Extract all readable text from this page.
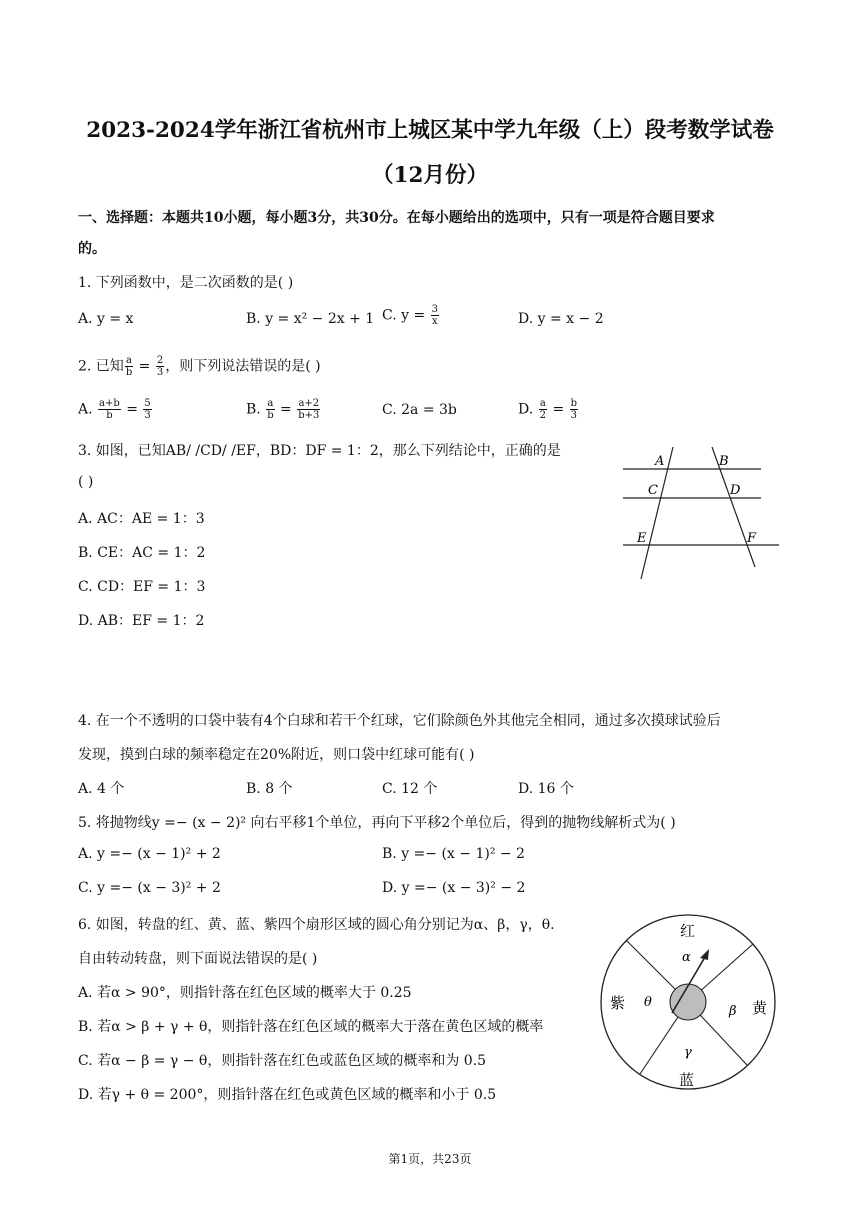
2023-2024学年浙江省杭州市上城区某中学九年级（上）段考数学试卷
（12月份）
一、选择题：本题共10小题，每小题3分，共30分。在每小题给出的选项中，只有一项是符合题目要求
的。
1. 下列函数中，是二次函数的是( )
A. y = x	B. y = x² − 2x + 1 C. $y = \frac{3}{x}$	D. y = x − 2
2. 已知 $\frac{a}{b} = \frac{2}{3}$ ，则下列说法错误的是( )
A. $\frac{a+b}{b} = \frac{5}{3}$	B. $\frac{a}{b} = \frac{a+2}{b+3}$	C. 2a = 3b	D. $\frac{a}{2} = \frac{b}{3}$
3. 如图，已知AB/ /CD/ /EF，BD：DF = 1：2，那么下列结论中，正确的是
( )
A. AC：AE = 1：3
B. CE：AC = 1：2
C. CD：EF = 1：3
D. AB：EF = 1：2
A	B
C	D
E	F
4. 在一个不透明的口袋中装有4个白球和若干个红球，它们除颜色外其他完全相同，通过多次摸球试验后
发现，摸到白球的频率稳定在20%附近，则口袋中红球可能有( )
A. 4 个	B. 8 个	C. 12 个	D. 16 个
5. 将抛物线y =− (x − 2)² 向右平移1个单位，再向下平移2个单位后，得到的抛物线解析式为( )
A. y =− (x − 1)² + 2	B. y =− (x − 1)² − 2
C. y =− (x − 3)² + 2	D. y =− (x − 3)² − 2
6. 如图，转盘的红、黄、蓝、紫四个扇形区域的圆心角分别记为α、β，γ，θ.
自由转动转盘，则下面说法错误的是( )
A. 若α > 90°，则指针落在红色区域的概率大于 0.25
B. 若α > β + γ + θ，则指针落在红色区域的概率大于落在黄色区域的概率
C. 若α − β = γ − θ，则指针落在红色或蓝色区域的概率和为 0.5
D. 若γ + θ = 200°，则指针落在红色或黄色区域的概率和小于 0.5
红
α
黄
β
蓝
γ
紫 θ
第1页，共23页
